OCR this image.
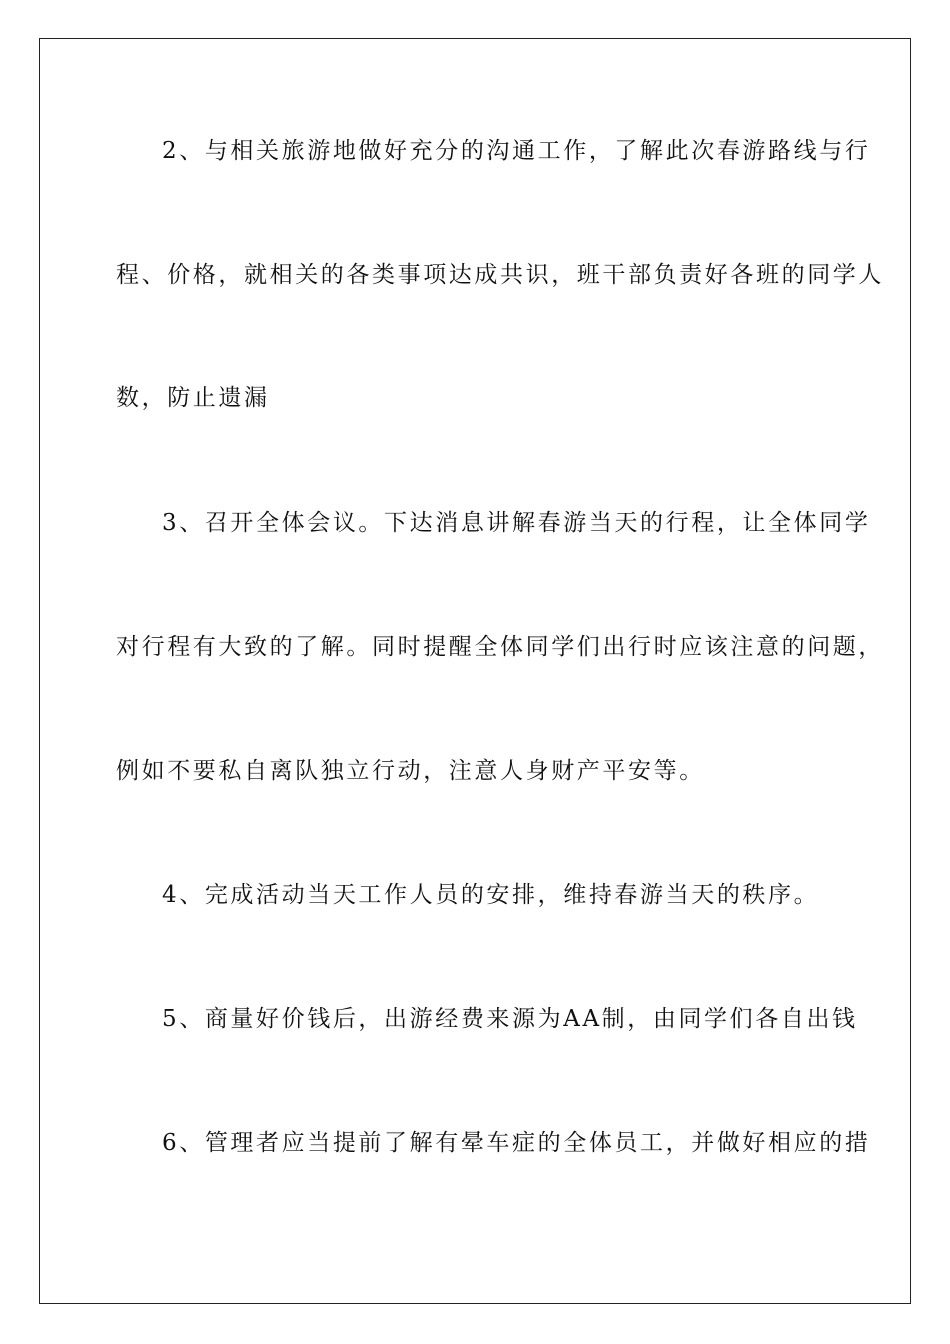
2、与相关旅游地做好充分的沟通工作，了解此次春游路线与行
程、价格，就相关的各类事项达成共识，班干部负责好各班的同学人
数，防止遗漏
3、召开全体会议。下达消息讲解春游当天的行程，让全体同学
对行程有大致的了解。同时提醒全体同学们出行时应该注意的问题，
例如不要私自离队独立行动，注意人身财产平安等。
4、完成活动当天工作人员的安排，维持春游当天的秩序。
5、商量好价钱后，出游经费来源为AA制，由同学们各自出钱
6、管理者应当提前了解有晕车症的全体员工，并做好相应的措
